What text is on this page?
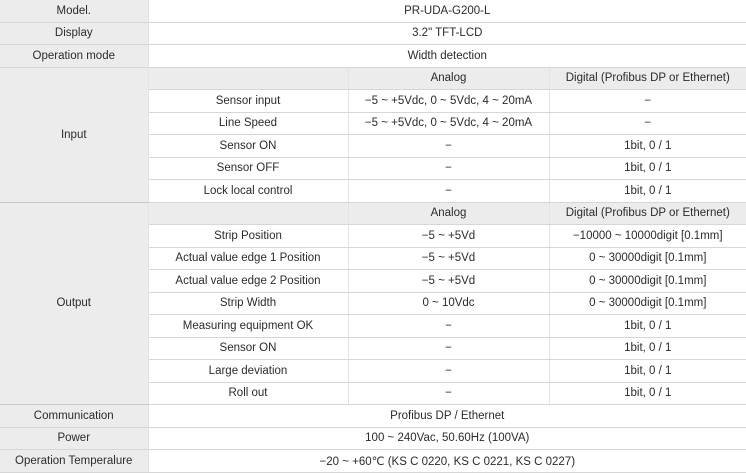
Model.	PR-UDA-G200-L		
Display	3.2" TFT-LCD		
Operation mode	Width detection		
Input		Analog	Digital (Profibus DP or Ethernet)
	Sensor input	−5 ~ +5Vdc, 0 ~ 5Vdc, 4 ~ 20mA	−
	Line Speed	−5 ~ +5Vdc, 0 ~ 5Vdc, 4 ~ 20mA	−
	Sensor ON	−	1bit, 0 / 1
	Sensor OFF	−	1bit, 0 / 1
	Lock local control	−	1bit, 0 / 1
Output		Analog	Digital (Profibus DP or Ethernet)
	Strip Position	−5 ~ +5Vd	−10000 ~ 10000digit [0.1mm]
	Actual value edge 1 Position	−5 ~ +5Vd	0 ~ 30000digit [0.1mm]
	Actual value edge 2 Position	−5 ~ +5Vd	0 ~ 30000digit [0.1mm]
	Strip Width	0 ~ 10Vdc	0 ~ 30000digit [0.1mm]
	Measuring equipment OK	−	1bit, 0 / 1
	Sensor ON	−	1bit, 0 / 1
	Large deviation	−	1bit, 0 / 1
	Roll out	−	1bit, 0 / 1
Communication	Profibus DP / Ethernet		
Power	100 ~ 240Vac, 50.60Hz (100VA)		
Operation Temperalure	−20 ~ +60℃ (KS C 0220, KS C 0221, KS C 0227)		
